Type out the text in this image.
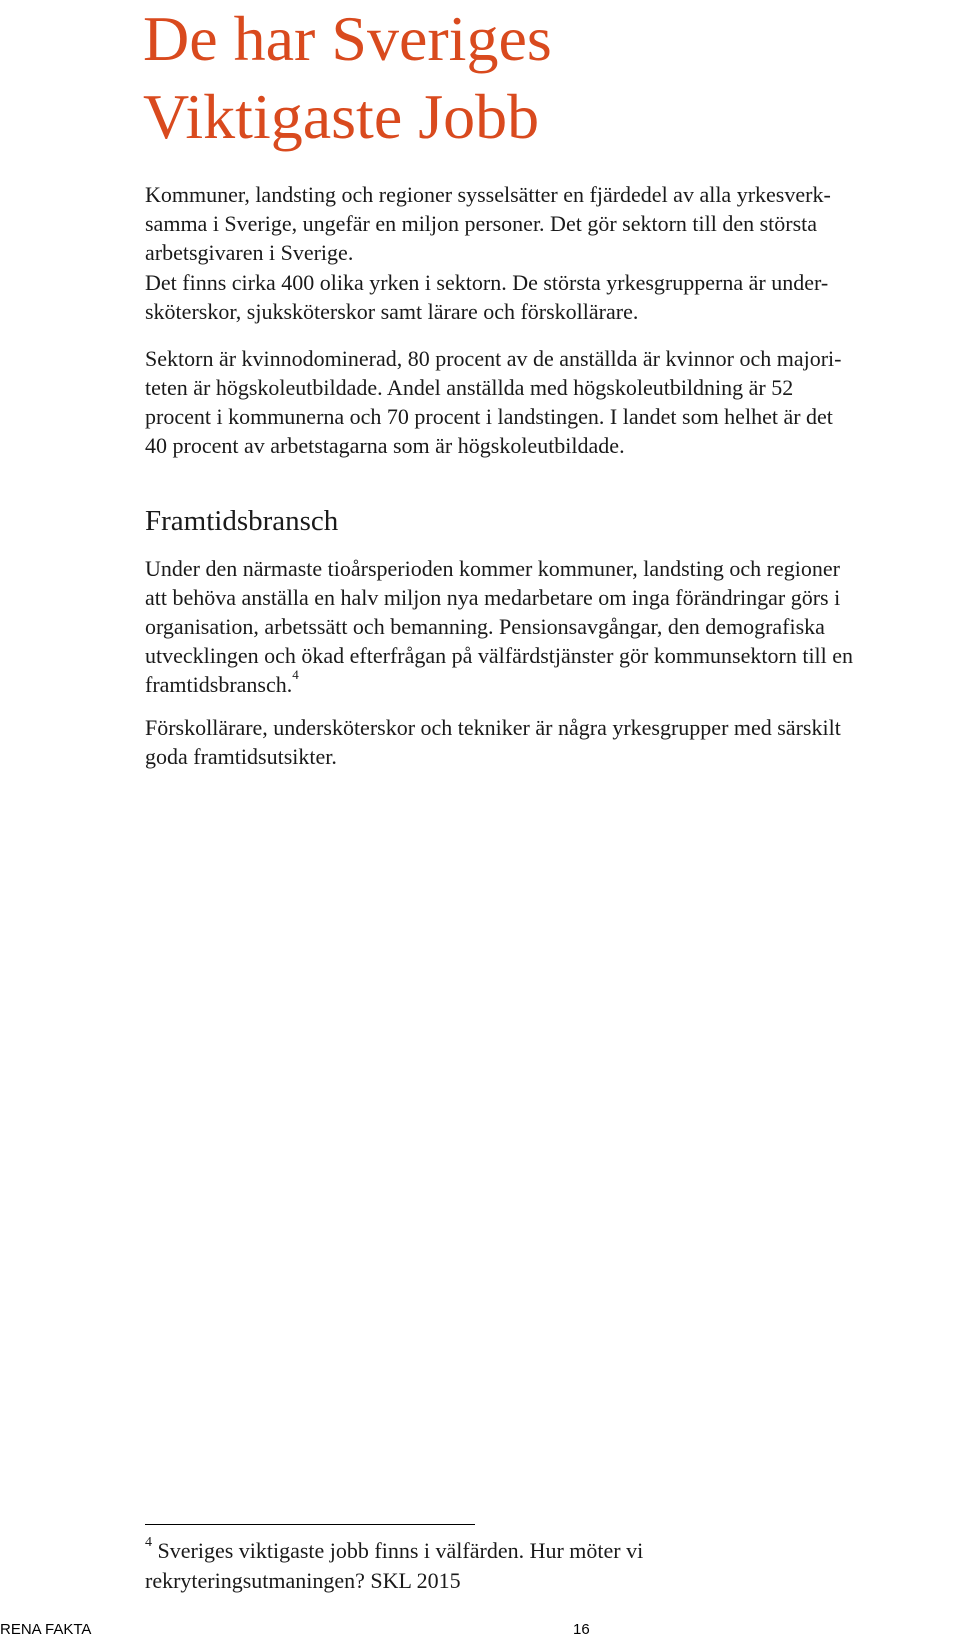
De har Sveriges
Viktigaste Jobb

Kommuner, landsting och regioner sysselsätter en fjärdedel av alla yrkesverk-
samma i Sverige, ungefär en miljon personer. Det gör sektorn till den största
arbetsgivaren i Sverige.

Det finns cirka 400 olika yrken i sektorn. De största yrkesgrupperna är under-
sköterskor, sjuksköterskor samt lärare och förskollärare.

Sektorn är kvinnodominerad, 80 procent av de anställda är kvinnor och majori-
teten är högskoleutbildade. Andel anställda med högskoleutbildning är 52
procent i kommunerna och 70 procent i landstingen. I landet som helhet är det
40 procent av arbetstagarna som är högskoleutbildade.

Framtidsbransch

Under den närmaste tioårsperioden kommer kommuner, landsting och regioner
att behöva anställa en halv miljon nya medarbetare om inga förändringar görs i
organisation, arbetssätt och bemanning. Pensionsavgångar, den demografiska
utvecklingen och ökad efterfrågan på välfärdstjänster gör kommunsektorn till en
framtidsbransch.$^4$

Förskollärare, undersköterskor och tekniker är några yrkesgrupper med särskilt
goda framtidsutsikter.

$^4$ Sveriges viktigaste jobb finns i välfärden. Hur möter vi
rekryteringsutmaningen? SKL 2015
RENA FAKTA	16
